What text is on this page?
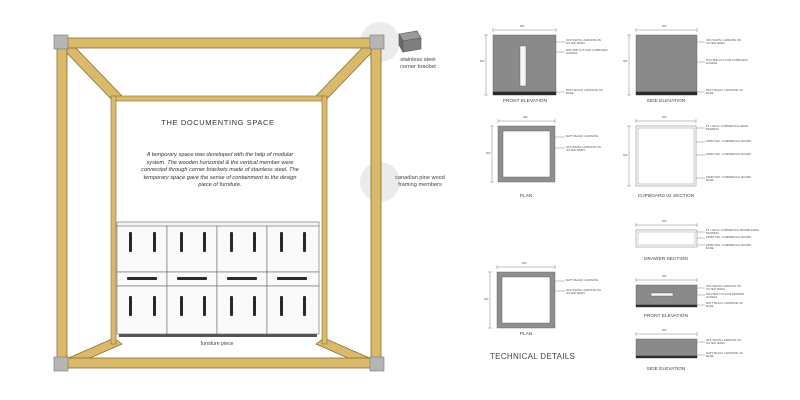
THE DOCUMENTING SPACE
A temporary space was developed with the help of modular system. The wooden horizontal & the vertical member were connected through corner brackets made of stainless steel. The temporary space gave the sense of containment to the design piece of furniture.
stainless steel corner bracket
canadian pine wood framing members
furniture piece
TECHNICAL DETAILS
600
600
FRONT ELEVATION
OFF WHITE LAMINATE ON OUTER SIDES
ROUTER CUT FOR CUPBOARD HANDLE
MATT BLACK LAMINATE ON BASE
600
600
SIDE ELEVATION
OFF WHITE LAMINATE ON OUTER SIDES
ROUTER CUT FOR CUPBOARD HANDLE
MATT BLACK LAMINATE ON BASE
600
600
PLAN
MATT BLACK LAMINATE
OFF WHITE LAMINATE ON OUTER SIDES
600
600
CUPBOARD 02 SECTION
18 x 18mm COMMERCIAL EDGE BANDING
18MM THK. COMMERCIAL BOARD
18MM THK. COMMERCIAL BOARD
18MM THK. COMMERCIAL BOARD BASE
600
DRAWER SECTION
18 x 18mm COMMERCIAL BOARD EDGE BANDING
18MM THK. COMMERCIAL BOARD
18MM THK. COMMERCIAL BOARD BASE
600
600
PLAN
MATT BLACK LAMINATE
OFF WHITE LAMINATE ON OUTER SIDES
600
FRONT ELEVATION
OFF WHITE LAMINATE ON OUTER SIDES
ROUTER CUT FOR DRAWER HANDLE
MATT BLACK LAMINATE ON BASE
600
SIDE ELEVATION
OFF WHITE LAMINATE ON OUTER SIDES
MATT BLACK LAMINATE ON BASE
